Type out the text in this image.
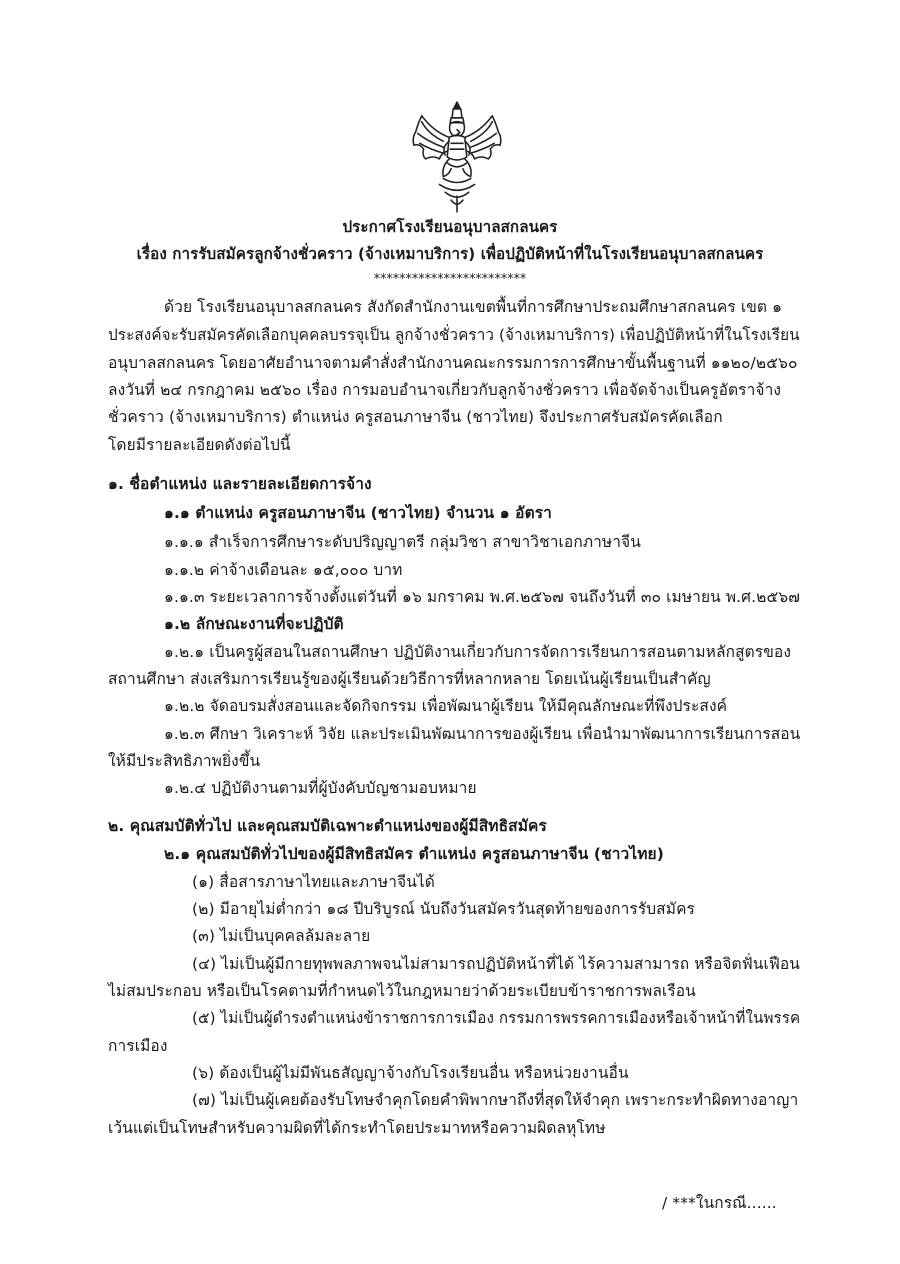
ประกาศโรงเรียนอนุบาลสกลนคร
เรื่อง การรับสมัครลูกจ้างชั่วคราว (จ้างเหมาบริการ) เพื่อปฏิบัติหน้าที่ในโรงเรียนอนุบาลสกลนคร
************************
ด้วย โรงเรียนอนุบาลสกลนคร สังกัดสำนักงานเขตพื้นที่การศึกษาประถมศึกษาสกลนคร เขต ๑
ประสงค์จะรับสมัครคัดเลือกบุคคลบรรจุเป็น ลูกจ้างชั่วคราว (จ้างเหมาบริการ) เพื่อปฏิบัติหน้าที่ในโรงเรียน
อนุบาลสกลนคร โดยอาศัยอำนาจตามคำสั่งสำนักงานคณะกรรมการการศึกษาขั้นพื้นฐานที่ ๑๑๒๐/๒๕๖๐
ลงวันที่ ๒๔ กรกฎาคม ๒๕๖๐ เรื่อง การมอบอำนาจเกี่ยวกับลูกจ้างชั่วคราว เพื่อจัดจ้างเป็นครูอัตราจ้าง
ชั่วคราว (จ้างเหมาบริการ) ตำแหน่ง ครูสอนภาษาจีน (ชาวไทย) จึงประกาศรับสมัครคัดเลือก
โดยมีรายละเอียดดังต่อไปนี้
๑. ชื่อตำแหน่ง และรายละเอียดการจ้าง
๑.๑ ตำแหน่ง ครูสอนภาษาจีน (ชาวไทย) จำนวน ๑ อัตรา
๑.๑.๑ สำเร็จการศึกษาระดับปริญญาตรี กลุ่มวิชา สาขาวิชาเอกภาษาจีน
๑.๑.๒ ค่าจ้างเดือนละ ๑๕,๐๐๐ บาท
๑.๑.๓ ระยะเวลาการจ้างตั้งแต่วันที่ ๑๖ มกราคม พ.ศ.๒๕๖๗ จนถึงวันที่ ๓๐ เมษายน พ.ศ.๒๕๖๗
๑.๒ ลักษณะงานที่จะปฏิบัติ
๑.๒.๑ เป็นครูผู้สอนในสถานศึกษา ปฏิบัติงานเกี่ยวกับการจัดการเรียนการสอนตามหลักสูตรของ
สถานศึกษา ส่งเสริมการเรียนรู้ของผู้เรียนด้วยวิธีการที่หลากหลาย โดยเน้นผู้เรียนเป็นสำคัญ
๑.๒.๒ จัดอบรมสั่งสอนและจัดกิจกรรม เพื่อพัฒนาผู้เรียน ให้มีคุณลักษณะที่พึงประสงค์
๑.๒.๓ ศึกษา วิเคราะห์ วิจัย และประเมินพัฒนาการของผู้เรียน เพื่อนำมาพัฒนาการเรียนการสอน
ให้มีประสิทธิภาพยิ่งขึ้น
๑.๒.๔ ปฏิบัติงานตามที่ผู้บังคับบัญชามอบหมาย
๒. คุณสมบัติทั่วไป และคุณสมบัติเฉพาะตำแหน่งของผู้มีสิทธิสมัคร
๒.๑ คุณสมบัติทั่วไปของผู้มีสิทธิสมัคร ตำแหน่ง ครูสอนภาษาจีน (ชาวไทย)
(๑) สื่อสารภาษาไทยและภาษาจีนได้
(๒) มีอายุไม่ต่ำกว่า ๑๘ ปีบริบูรณ์ นับถึงวันสมัครวันสุดท้ายของการรับสมัคร
(๓) ไม่เป็นบุคคลล้มละลาย
(๔) ไม่เป็นผู้มีกายทุพพลภาพจนไม่สามารถปฏิบัติหน้าที่ได้ ไร้ความสามารถ หรือจิตฟั่นเฟือน
ไม่สมประกอบ หรือเป็นโรคตามที่กำหนดไว้ในกฎหมายว่าด้วยระเบียบข้าราชการพลเรือน
(๕) ไม่เป็นผู้ดำรงตำแหน่งข้าราชการการเมือง กรรมการพรรคการเมืองหรือเจ้าหน้าที่ในพรรค
การเมือง
(๖) ต้องเป็นผู้ไม่มีพันธสัญญาจ้างกับโรงเรียนอื่น หรือหน่วยงานอื่น
(๗) ไม่เป็นผู้เคยต้องรับโทษจำคุกโดยคำพิพากษาถึงที่สุดให้จำคุก เพราะกระทำผิดทางอาญา
เว้นแต่เป็นโทษสำหรับความผิดที่ได้กระทำโดยประมาทหรือความผิดลหุโทษ
/ ***ในกรณี......
